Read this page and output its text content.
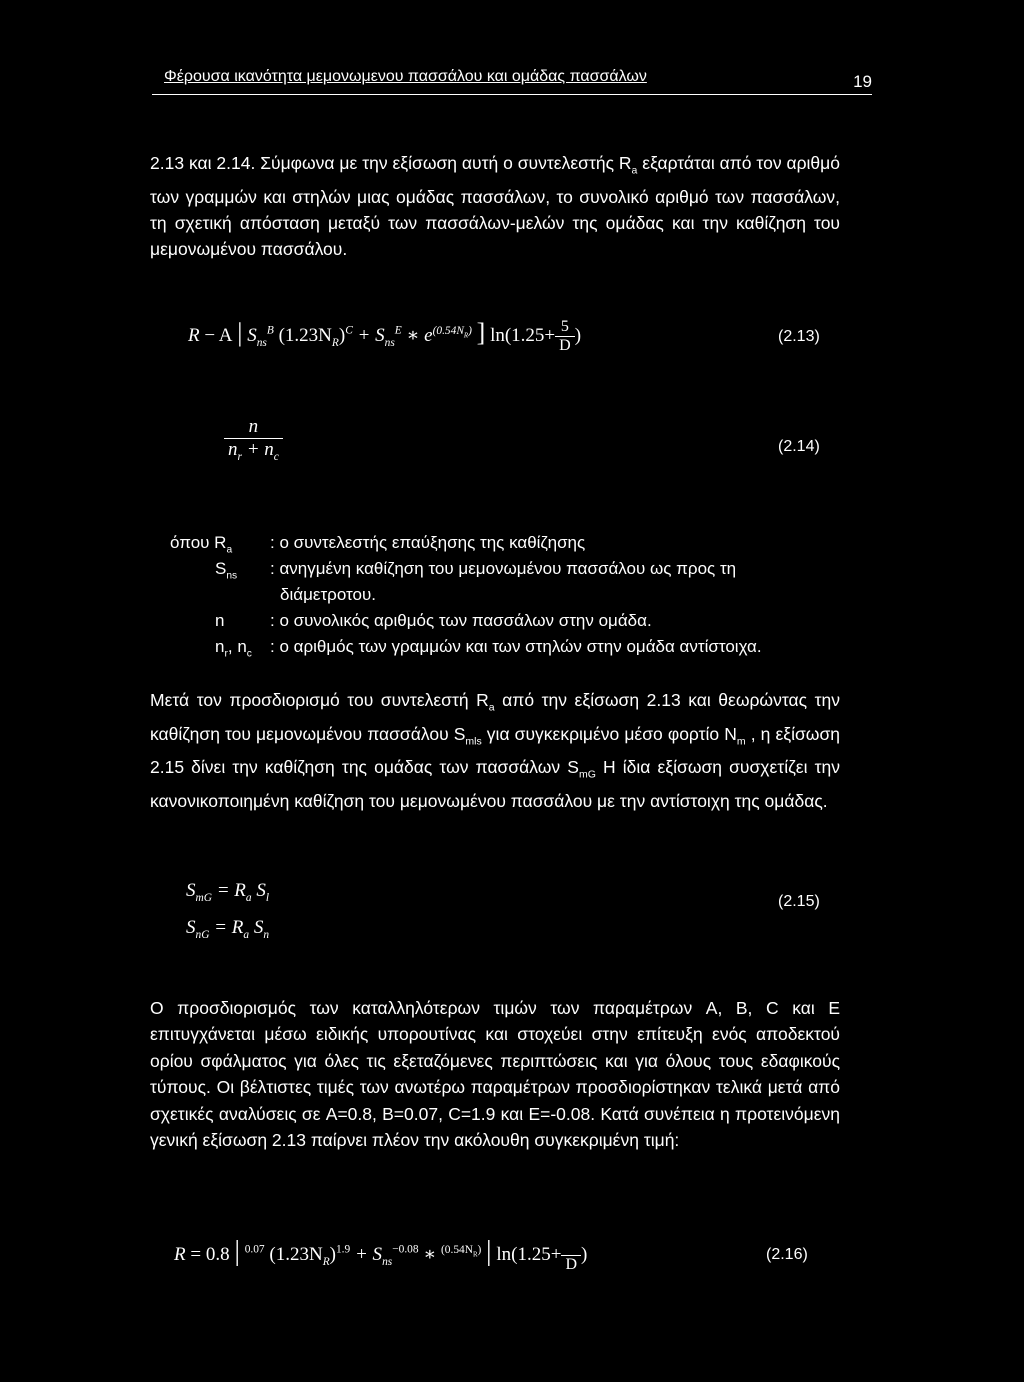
Φέρουσα ικανότητα μεμονωμενου πασσάλου και ομάδας πασσάλων	19

2.13 και 2.14. Σύμφωνα με την εξίσωση αυτή ο συντελεστής $R_a$ εξαρτάται από τον αριθμό των γραμμών και στηλών μιας ομάδας πασσάλων, το συνολικό αριθμό των πασσάλων, τη σχετική απόσταση μεταξύ των πασσάλων-μελών της ομάδας και την καθίζηση του μεμονωμένου πασσάλου.

R − A | $S_{ns}^B$ $(1.23N_R)^C + S_{ns}^E$ ∗ $e^{(0.54N_R)}$ ] $\ln(1.25+ \frac{5}{D}$ )	(2.13)
$\frac{n}{n_r + n_c}$	(2.14)
όπου $R_a$ : ο συντελεστής επαύξησης της καθίζησης
$S_{ns}$ : ανηγμένη καθίζηση του μεμονωμένου πασσάλου ως προς τη
διάμετροτου.
n	: ο συνολικός αριθμός των πασσάλων στην ομάδα.
$n_r$, $n_c$ : ο αριθμός των γραμμών και των στηλών στην ομάδα αντίστοιχα.

Μετά τον προσδιορισμό του συντελεστή $R_a$ από την εξίσωση 2.13 και θεωρώντας την καθίζηση του μεμονωμένου πασσάλου $S_{mls}$ για συγκεκριμένο μέσο φορτίο $N_m$ , η εξίσωση 2.15 δίνει την καθίζηση της ομάδας των πασσάλων $S_{mG}$ Η ίδια εξίσωση συσχετίζει την κανονικοποιημένη καθίζηση του μεμονωμένου πασσάλου με την αντίστοιχη της ομάδας.

$S_{mG} = R_a$ $S_l$
$S_{nG} = R_a$ $S_n$
(2.15)

Ο προσδιορισμός των καταλληλότερων τιμών των παραμέτρων A, B, C και E επιτυγχάνεται μέσω ειδικής υπορουτίνας και στοχεύει στην επίτευξη ενός αποδεκτού ορίου σφάλματος για όλες τις εξεταζόμενες περιπτώσεις και για όλους τους εδαφικούς τύπους. Οι βέλτιστες τιμές των ανωτέρω παραμέτρων προσδιορίστηκαν τελικά μετά από σχετικές αναλύσεις σε A=0.8, B=0.07, C=1.9 και E=-0.08. Κατά συνέπεια η προτεινόμενη γενική εξίσωση 2.13 παίρνει πλέον την ακόλουθη συγκεκριμένη τιμή:

R = 0.8 | $^{0.07}$ $(1.23N_R)^{1.9} + S_{ns}^{-0.08}$ ∗ $^{(0.54N_R)}$ | ln(1.25+
D )	(2.16)
